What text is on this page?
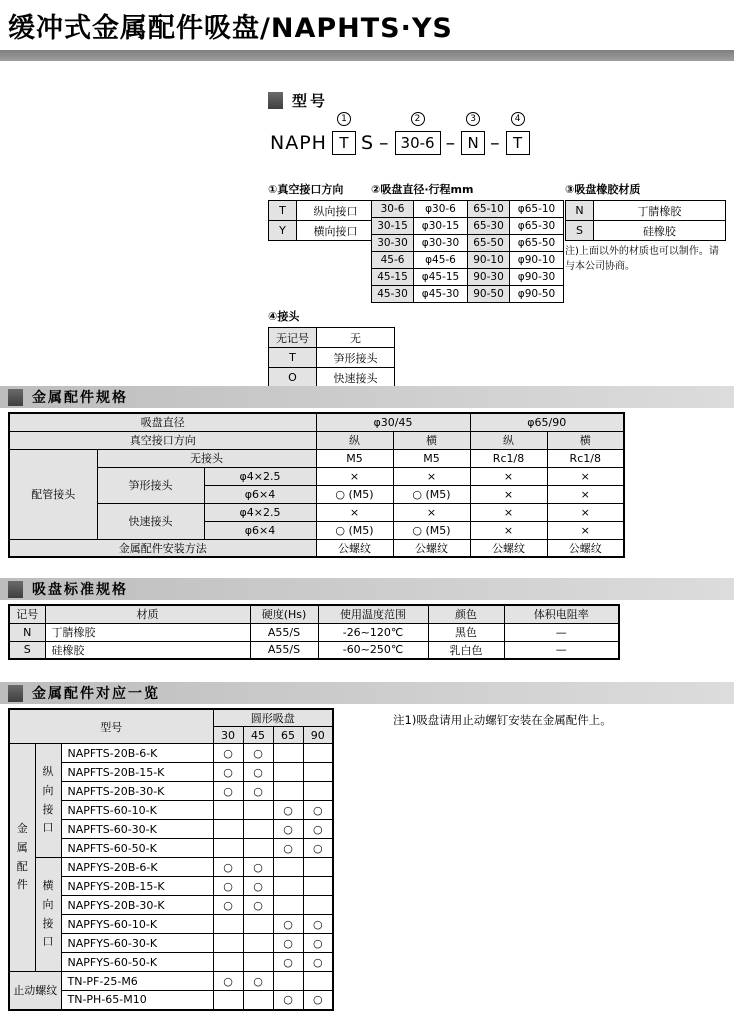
缓冲式金属配件吸盘/NAPHTS·YS
型号
NAPH
1
T S –
2
30-6 –
3
N –
4
T
①真空接口方向
T	纵向接口
Y	横向接口
②吸盘直径·行程mm
30-6	φ30-6	65-10	φ65-10
30-15	φ30-15	65-30	φ65-30
30-30	φ30-30	65-50	φ65-50
45-6	φ45-6	90-10	φ90-10
45-15	φ45-15	90-30	φ90-30
45-30	φ45-30	90-50	φ90-50
③吸盘橡胶材质
N	丁腈橡胶
S	硅橡胶
注)上面以外的材质也可以制作。请与本公司协商。
④接头
无记号	无
T	笋形接头
O	快速接头
金属配件规格
吸盘直径			φ30/45		φ65/90	
真空接口方向			纵	横	纵	横
配管接头	无接头		M5	M5	Rc1/8	Rc1/8
	笋形接头	φ4×2.5	×	×	×	×
		φ6×4	○ (M5)	○ (M5)	×	×
	快速接头	φ4×2.5	×	×	×	×
		φ6×4	○ (M5)	○ (M5)	×	×
金属配件安装方法			公螺纹	公螺纹	公螺纹	公螺纹
吸盘标准规格
记号	材质	硬度(Hs)	使用温度范围	颜色	体积电阻率
N	丁腈橡胶	A55/S	-26~120℃	黑色	—
S	硅橡胶	A55/S	-60~250℃	乳白色	—
金属配件对应一览
注1)吸盘请用止动螺钉安装在金属配件上。
型号			圆形吸盘			
			30	45	65	90
金属配件	纵向接口	NAPFTS-20B-6-K	○	○		
		NAPFTS-20B-15-K	○	○		
		NAPFTS-20B-30-K	○	○		
		NAPFTS-60-10-K			○	○
		NAPFTS-60-30-K			○	○
		NAPFTS-60-50-K			○	○
	横向接口	NAPFYS-20B-6-K	○	○		
		NAPFYS-20B-15-K	○	○		
		NAPFYS-20B-30-K	○	○		
		NAPFYS-60-10-K			○	○
		NAPFYS-60-30-K			○	○
		NAPFYS-60-50-K			○	○
止动螺纹		TN-PF-25-M6	○	○		
		TN-PH-65-M10			○	○
